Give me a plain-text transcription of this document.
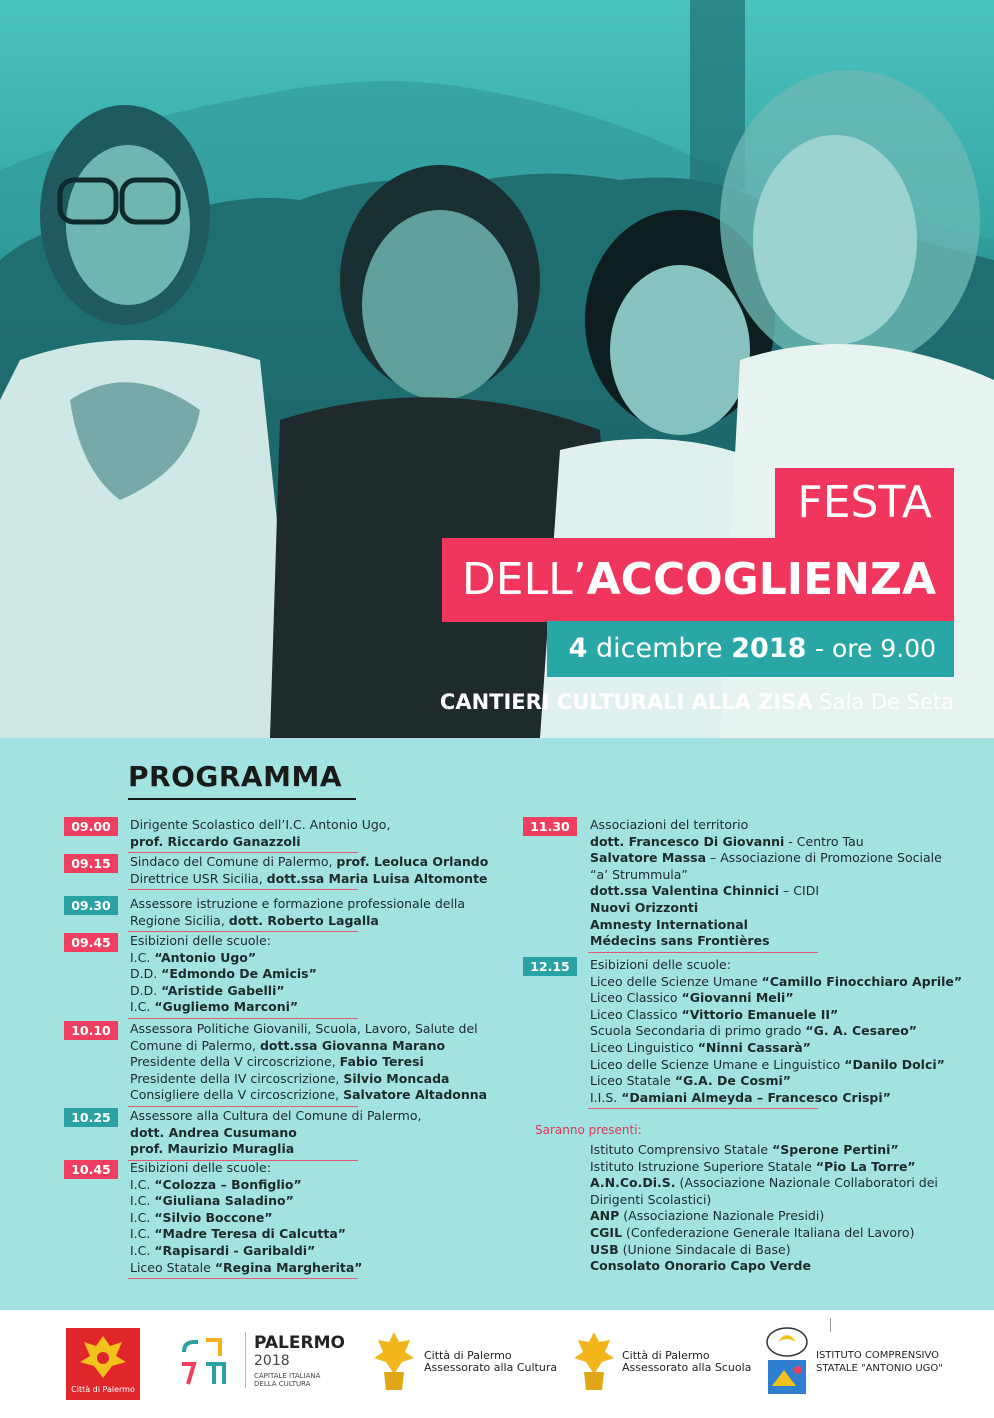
FESTA
DELL’ACCOGLIENZA
4 dicembre 2018 - ore 9.00
CANTIERI CULTURALI ALLA ZISA Sala De Seta
PROGRAMMA
Saranno presenti:
09.00	Dirigente Scolastico dell’I.C. Antonio Ugo,
prof. Riccardo Ganazzoli
09.15	Sindaco del Comune di Palermo, prof. Leoluca Orlando
Direttrice USR Sicilia, dott.ssa Maria Luisa Altomonte
09.30	Assessore istruzione e formazione professionale della
Regione Sicilia, dott. Roberto Lagalla
09.45	Esibizioni delle scuole:
I.C. “Antonio Ugo”
D.D. “Edmondo De Amicis”
D.D. “Aristide Gabelli”
I.C. “Gugliemo Marconi”
10.10	Assessora Politiche Giovanili, Scuola, Lavoro, Salute del
Comune di Palermo, dott.ssa Giovanna Marano
Presidente della V circoscrizione, Fabio Teresi
Presidente della IV circoscrizione, Silvio Moncada
Consigliere della V circoscrizione, Salvatore Altadonna
10.25	Assessore alla Cultura del Comune di Palermo,
dott. Andrea Cusumano
prof. Maurizio Muraglia
10.45	Esibizioni delle scuole:
I.C. “Colozza – Bonfiglio”
I.C. “Giuliana Saladino”
I.C. “Silvio Boccone”
I.C. “Madre Teresa di Calcutta”
I.C. “Rapisardi - Garibaldi”
Liceo Statale “Regina Margherita”
11.30	Associazioni del territorio
dott. Francesco Di Giovanni - Centro Tau
Salvatore Massa – Associazione di Promozione Sociale
“a’ Strummula”
dott.ssa Valentina Chinnici – CIDI
Nuovi Orizzonti
Amnesty International
Médecins sans Frontières
12.15	Esibizioni delle scuole:
Liceo delle Scienze Umane “Camillo Finocchiaro Aprile”
Liceo Classico “Giovanni Meli”
Liceo Classico “Vittorio Emanuele II”
Scuola Secondaria di primo grado “G. A. Cesareo”
Liceo Linguistico “Ninni Cassarà”
Liceo delle Scienze Umane e Linguistico “Danilo Dolci”
Liceo Statale “G.A. De Cosmi”
I.I.S. “Damiani Almeyda – Francesco Crispi”
Istituto Comprensivo Statale “Sperone Pertini”
Istituto Istruzione Superiore Statale “Pio La Torre”
A.N.Co.Di.S. (Associazione Nazionale Collaboratori dei
Dirigenti Scolastici)
ANP (Associazione Nazionale Presidi)
CGIL (Confederazione Generale Italiana del Lavoro)
USB (Unione Sindacale di Base)
Consolato Onorario Capo Verde
Città di Palermo
PALERMO
2018
CAPITALE ITALIANA
DELLA CULTURA
Città di Palermo
Assessorato alla Cultura
Città di Palermo
Assessorato alla Scuola
ISTITUTO COMPRENSIVO
STATALE "ANTONIO UGO"
